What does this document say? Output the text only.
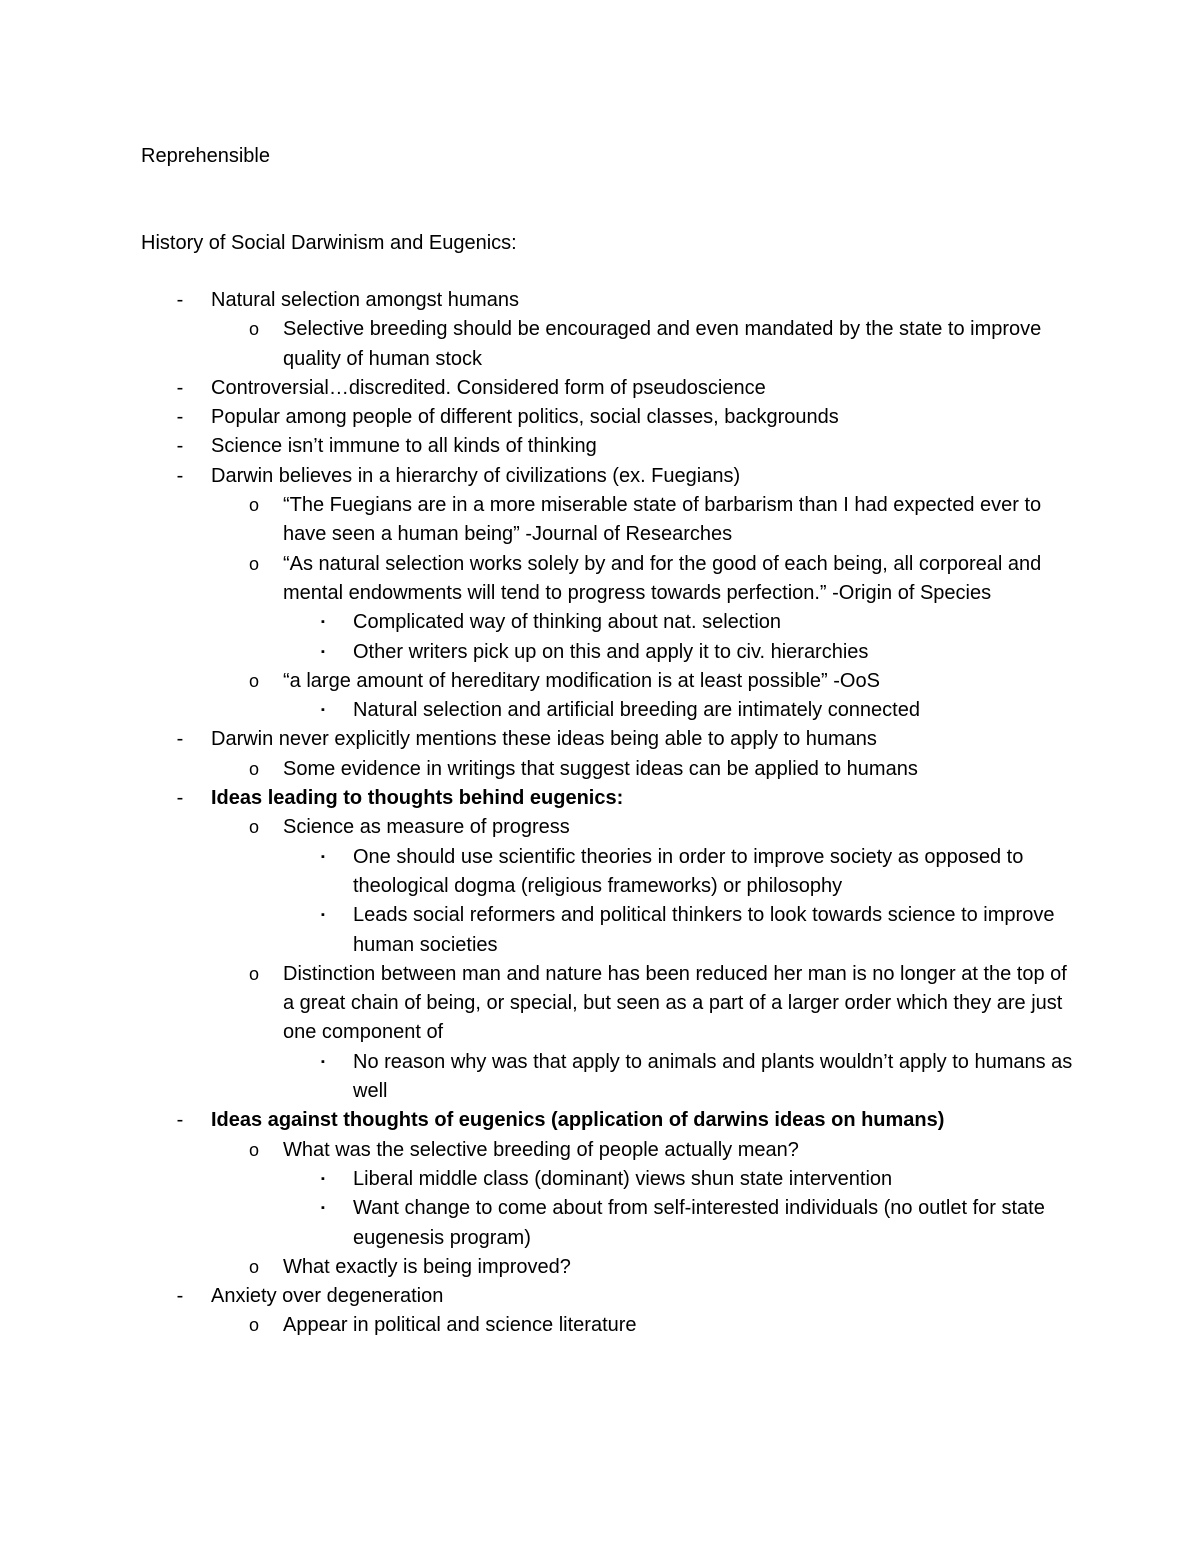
Reprehensible
History of Social Darwinism and Eugenics:
-	Natural selection amongst humans
o Selective breeding should be encouraged and even mandated by the state to improve quality of human stock
-	Controversial…discredited. Considered form of pseudoscience
-	Popular among people of different politics, social classes, backgrounds
-	Science isn’t immune to all kinds of thinking
-	Darwin believes in a hierarchy of civilizations (ex. Fuegians)
o “The Fuegians are in a more miserable state of barbarism than I had expected ever to have seen a human being” -Journal of Researches
o “As natural selection works solely by and for the good of each being, all corporeal and mental endowments will tend to progress towards perfection.” -Origin of Species
▪	Complicated way of thinking about nat. selection
▪	Other writers pick up on this and apply it to civ. hierarchies
o “a large amount of hereditary modification is at least possible” -OoS
▪	Natural selection and artificial breeding are intimately connected
-	Darwin never explicitly mentions these ideas being able to apply to humans
o Some evidence in writings that suggest ideas can be applied to humans
-	Ideas leading to thoughts behind eugenics:
o Science as measure of progress
▪	One should use scientific theories in order to improve society as opposed to theological dogma (religious frameworks) or philosophy
▪	Leads social reformers and political thinkers to look towards science to improve human societies
o Distinction between man and nature has been reduced her man is no longer at the top of a great chain of being, or special, but seen as a part of a larger order which they are just one component of
▪	No reason why was that apply to animals and plants wouldn’t apply to humans as well
-	Ideas against thoughts of eugenics (application of darwins ideas on humans)
o What was the selective breeding of people actually mean?
▪	Liberal middle class (dominant) views shun state intervention
▪	Want change to come about from self-interested individuals (no outlet for state eugenesis program)
o What exactly is being improved?
-	Anxiety over degeneration
o Appear in political and science literature
